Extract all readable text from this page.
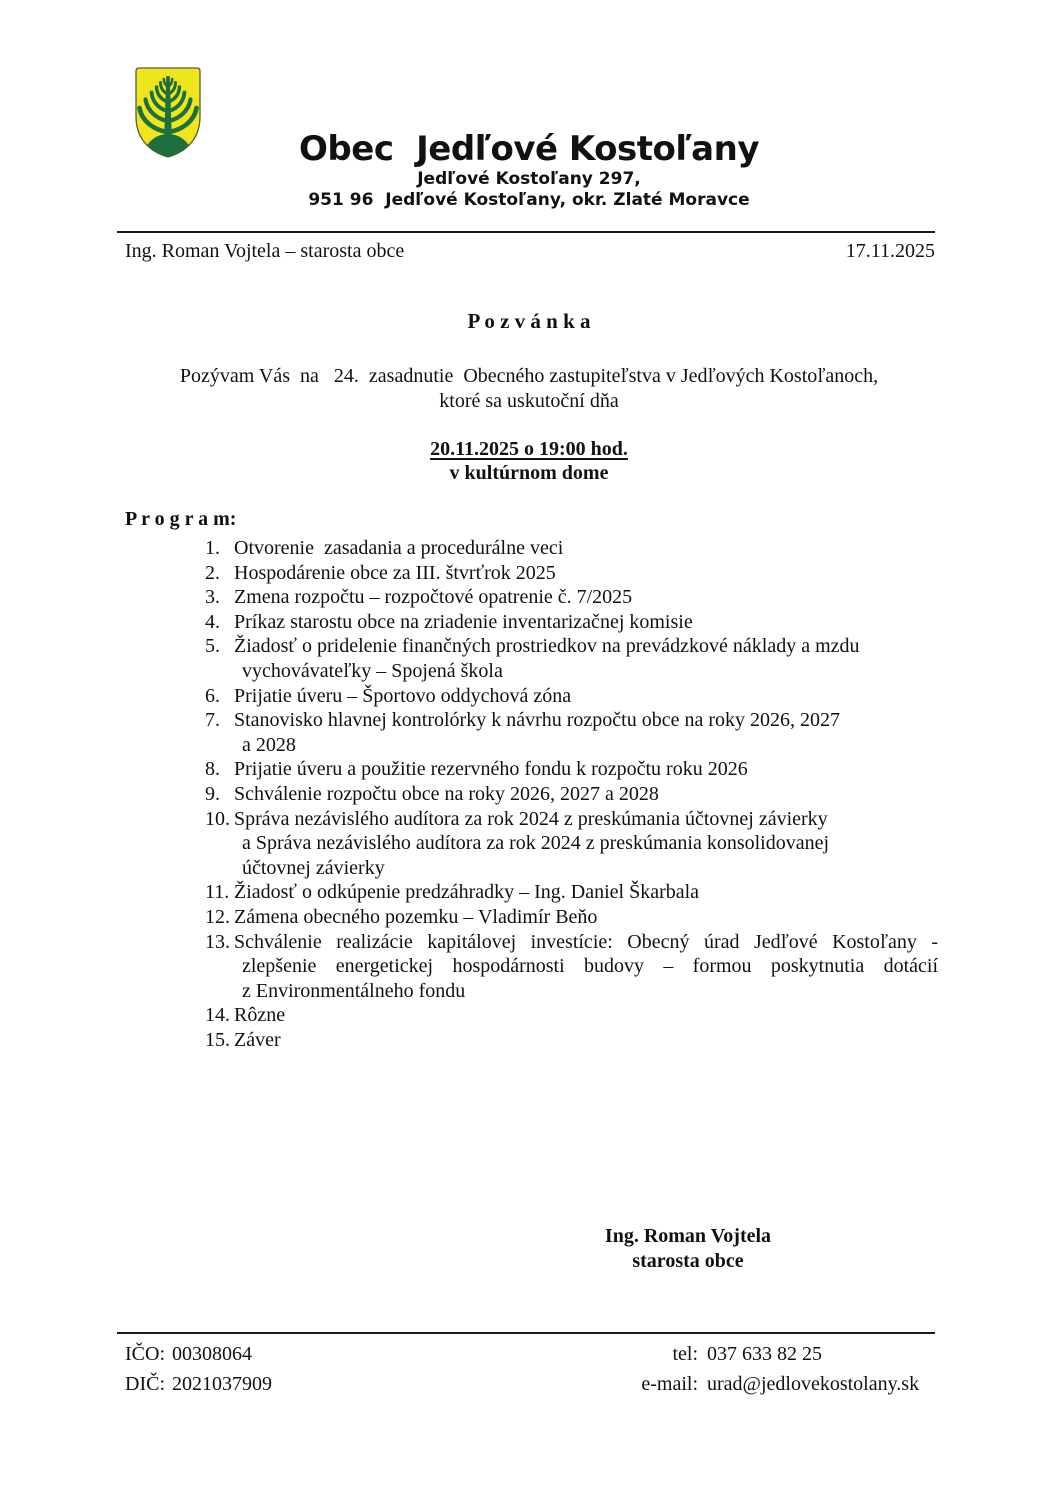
Obec  Jedľové Kostoľany
Jedľové Kostoľany 297,
951 96  Jedľové Kostoľany, okr. Zlaté Moravce
Ing. Roman Vojtela – starosta obce	17.11.2025
P o z v á n k a
Pozývam Vás  na   24.  zasadnutie  Obecného zastupiteľstva v Jedľových Kostoľanoch,
ktoré sa uskutoční dňa
20.11.2025 o 19:00 hod.
v kultúrnom dome
P r o g r a m:
1. Otvorenie  zasadania a procedurálne veci
2. Hospodárenie obce za III. štvrťrok 2025
3. Zmena rozpočtu – rozpočtové opatrenie č. 7/2025
4. Príkaz starostu obce na zriadenie inventarizačnej komisie
5. Žiadosť o pridelenie finančných prostriedkov na prevádzkové náklady a mzdu
vychovávateľky – Spojená škola
6. Prijatie úveru – Športovo oddychová zóna
7. Stanovisko hlavnej kontrolórky k návrhu rozpočtu obce na roky 2026, 2027
a 2028
8. Prijatie úveru a použitie rezervného fondu k rozpočtu roku 2026
9. Schválenie rozpočtu obce na roky 2026, 2027 a 2028
10. Správa nezávislého audítora za rok 2024 z preskúmania účtovnej závierky
a Správa nezávislého audítora za rok 2024 z preskúmania konsolidovanej
účtovnej závierky
11. Žiadosť o odkúpenie predzáhradky – Ing. Daniel Škarbala
12. Zámena obecného pozemku – Vladimír Beňo
13. Schválenie realizácie kapitálovej investície: Obecný úrad Jedľové Kostoľany -
zlepšenie energetickej hospodárnosti budovy – formou poskytnutia dotácií
z Environmentálneho fondu
14. Rôzne
15. Záver
Ing. Roman Vojtela
starosta obce
IČO: 00308064
DIČ: 2021037909
tel: 037 633 82 25
e-mail: urad@jedlovekostolany.sk
